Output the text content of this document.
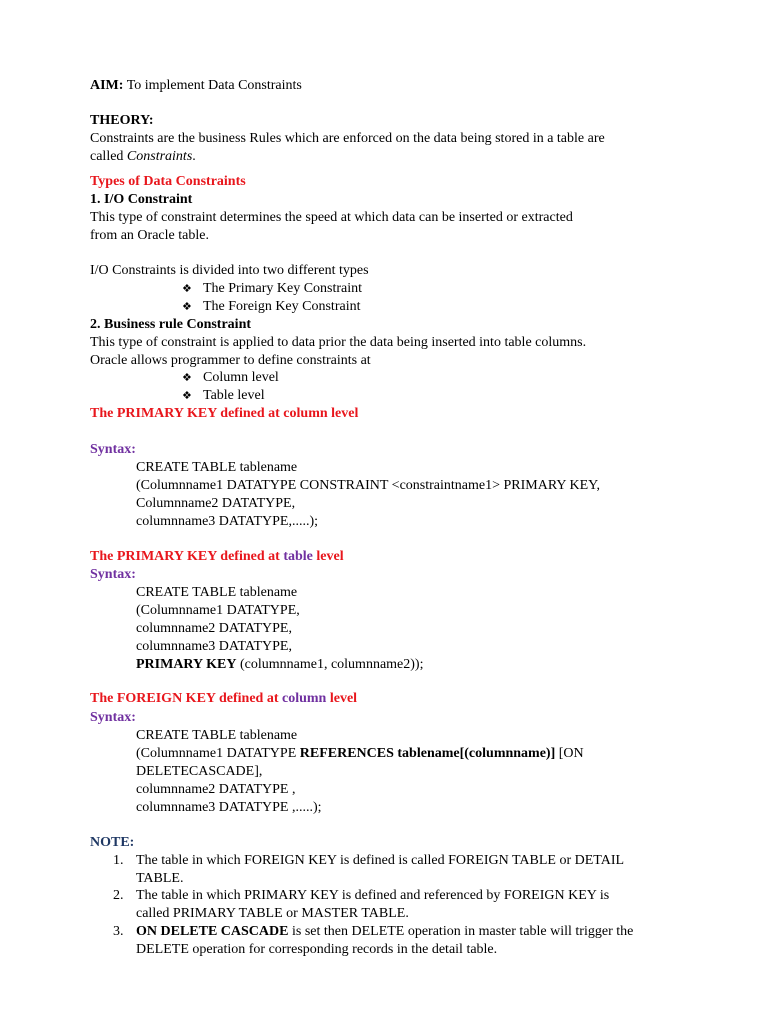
AIM: To implement Data Constraints
THEORY:
Constraints are the business Rules which are enforced on the data being stored in a table are
called Constraints.
Types of Data Constraints
1. I/O Constraint
This type of constraint determines the speed at which data can be inserted or extracted
from an Oracle table.
I/O Constraints is divided into two different types
❖ The Primary Key Constraint
❖ The Foreign Key Constraint
2. Business rule Constraint
This type of constraint is applied to data prior the data being inserted into table columns.
Oracle allows programmer to define constraints at
❖ Column level
❖ Table level
The PRIMARY KEY defined at column level
Syntax:
CREATE TABLE tablename
(Columnname1 DATATYPE CONSTRAINT <constraintname1> PRIMARY KEY,
Columnname2 DATATYPE,
columnname3 DATATYPE,.....);
The PRIMARY KEY defined at table level
Syntax:
CREATE TABLE tablename
(Columnname1 DATATYPE,
columnname2 DATATYPE,
columnname3 DATATYPE,
PRIMARY KEY (columnname1, columnname2));
The FOREIGN KEY defined at column level
Syntax:
CREATE TABLE tablename
(Columnname1 DATATYPE REFERENCES tablename[(columnname)] [ON
DELETECASCADE],
columnname2 DATATYPE ,
columnname3 DATATYPE ,.....);
NOTE:
1. The table in which FOREIGN KEY is defined is called FOREIGN TABLE or DETAIL
TABLE.
2. The table in which PRIMARY KEY is defined and referenced by FOREIGN KEY is
called PRIMARY TABLE or MASTER TABLE.
3. ON DELETE CASCADE is set then DELETE operation in master table will trigger the
DELETE operation for corresponding records in the detail table.
